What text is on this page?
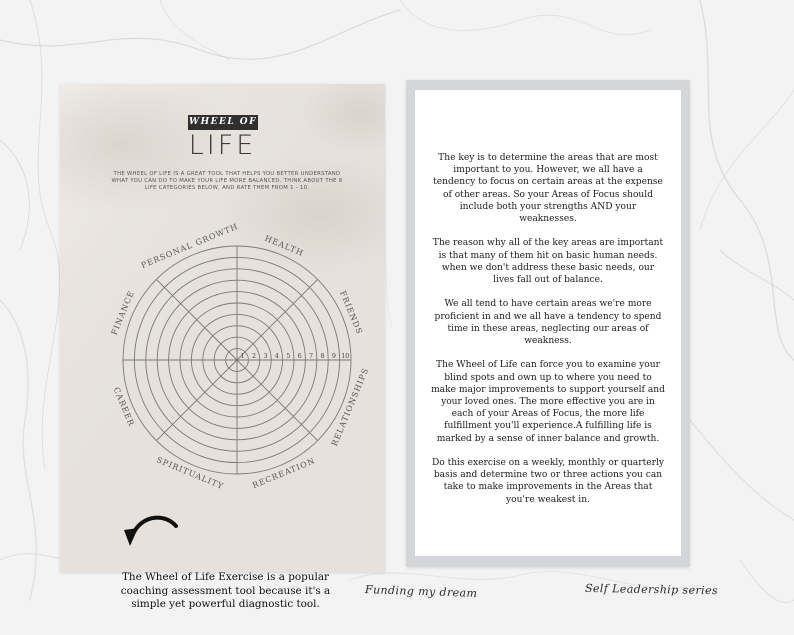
WHEEL OF
LIFE
THE WHEEL OF LIFE IS A GREAT TOOL THAT HELPS YOU BETTER UNDERSTAND WHAT YOU CAN DO TO MAKE YOUR LIFE MORE BALANCED. THINK ABOUT THE 8 LIFE CATEGORIES BELOW, AND RATE THEM FROM 1 - 10.
1 2 3 4 5 6 7 8 9 10
PERSONAL GROWTH	HEALTH
FRIENDS
RELATIONSHIPS
RECREATION
SPIRITUALITY
CAREER
FINANCE
The Wheel of Life Exercise is a popular coaching assessment tool because it's a simple yet powerful diagnostic tool.
Funding my dream	Self Leadership series

The key is to determine the areas that are most important to you. However, we all have a tendency to focus on certain areas at the expense of other areas. So your Areas of Focus should include both your strengths AND your weaknesses.

The reason why all of the key areas are important is that many of them hit on basic human needs. when we don't address these basic needs, our lives fall out of balance.

We all tend to have certain areas we're more proficient in and we all have a tendency to spend time in these areas, neglecting our areas of weakness.

The Wheel of Life can force you to examine your blind spots and own up to where you need to make major improvements to support yourself and your loved ones. The more effective you are in each of your Areas of Focus, the more life fulfillment you'll experience.A fulfilling life is marked by a sense of inner balance and growth.

Do this exercise on a weekly, monthly or quarterly basis and determine two or three actions you can take to make improvements in the Areas that you're weakest in.
